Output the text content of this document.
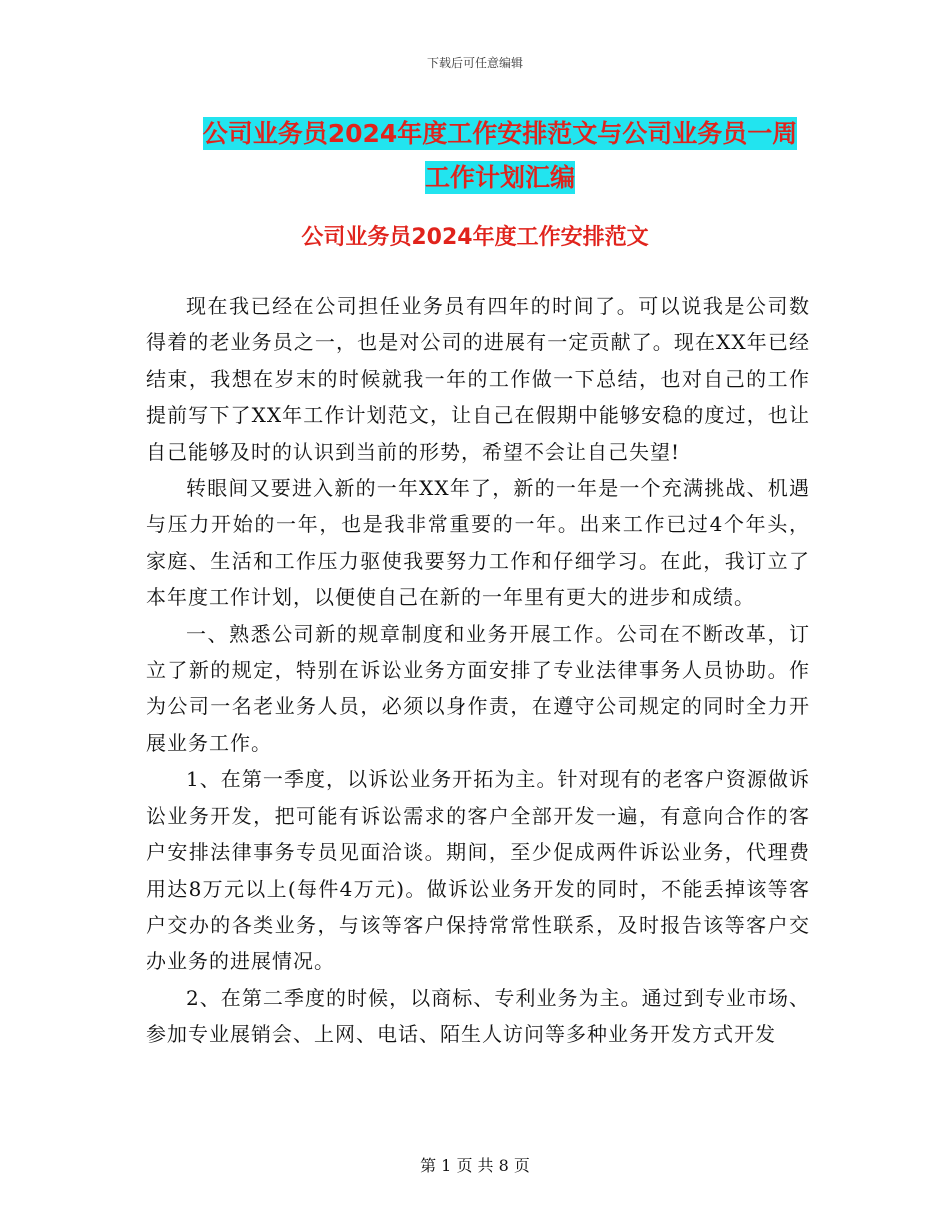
下载后可任意编辑
公司业务员2024年度工作安排范文与公司业务员一周
工作计划汇编
公司业务员2024年度工作安排范文

现在我已经在公司担任业务员有四年的时间了。可以说我是公司数得着的老业务员之一，也是对公司的进展有一定贡献了。现在XX年已经结束，我想在岁末的时候就我一年的工作做一下总结，也对自己的工作提前写下了XX年工作计划范文，让自己在假期中能够安稳的度过，也让自己能够及时的认识到当前的形势，希望不会让自己失望!

转眼间又要进入新的一年XX年了，新的一年是一个充满挑战、机遇与压力开始的一年，也是我非常重要的一年。出来工作已过4个年头，家庭、生活和工作压力驱使我要努力工作和仔细学习。在此，我订立了本年度工作计划，以便使自己在新的一年里有更大的进步和成绩。

一、熟悉公司新的规章制度和业务开展工作。公司在不断改革，订立了新的规定，特别在诉讼业务方面安排了专业法律事务人员协助。作为公司一名老业务人员，必须以身作责，在遵守公司规定的同时全力开展业务工作。

1、在第一季度，以诉讼业务开拓为主。针对现有的老客户资源做诉讼业务开发，把可能有诉讼需求的客户全部开发一遍，有意向合作的客户安排法律事务专员见面洽谈。期间，至少促成两件诉讼业务，代理费用达8万元以上(每件4万元)。做诉讼业务开发的同时，不能丢掉该等客户交办的各类业务，与该等客户保持常常性联系，及时报告该等客户交办业务的进展情况。

2、在第二季度的时候，以商标、专利业务为主。通过到专业市场、参加专业展销会、上网、电话、陌生人访问等多种业务开发方式开发

第 1 页 共 8 页
